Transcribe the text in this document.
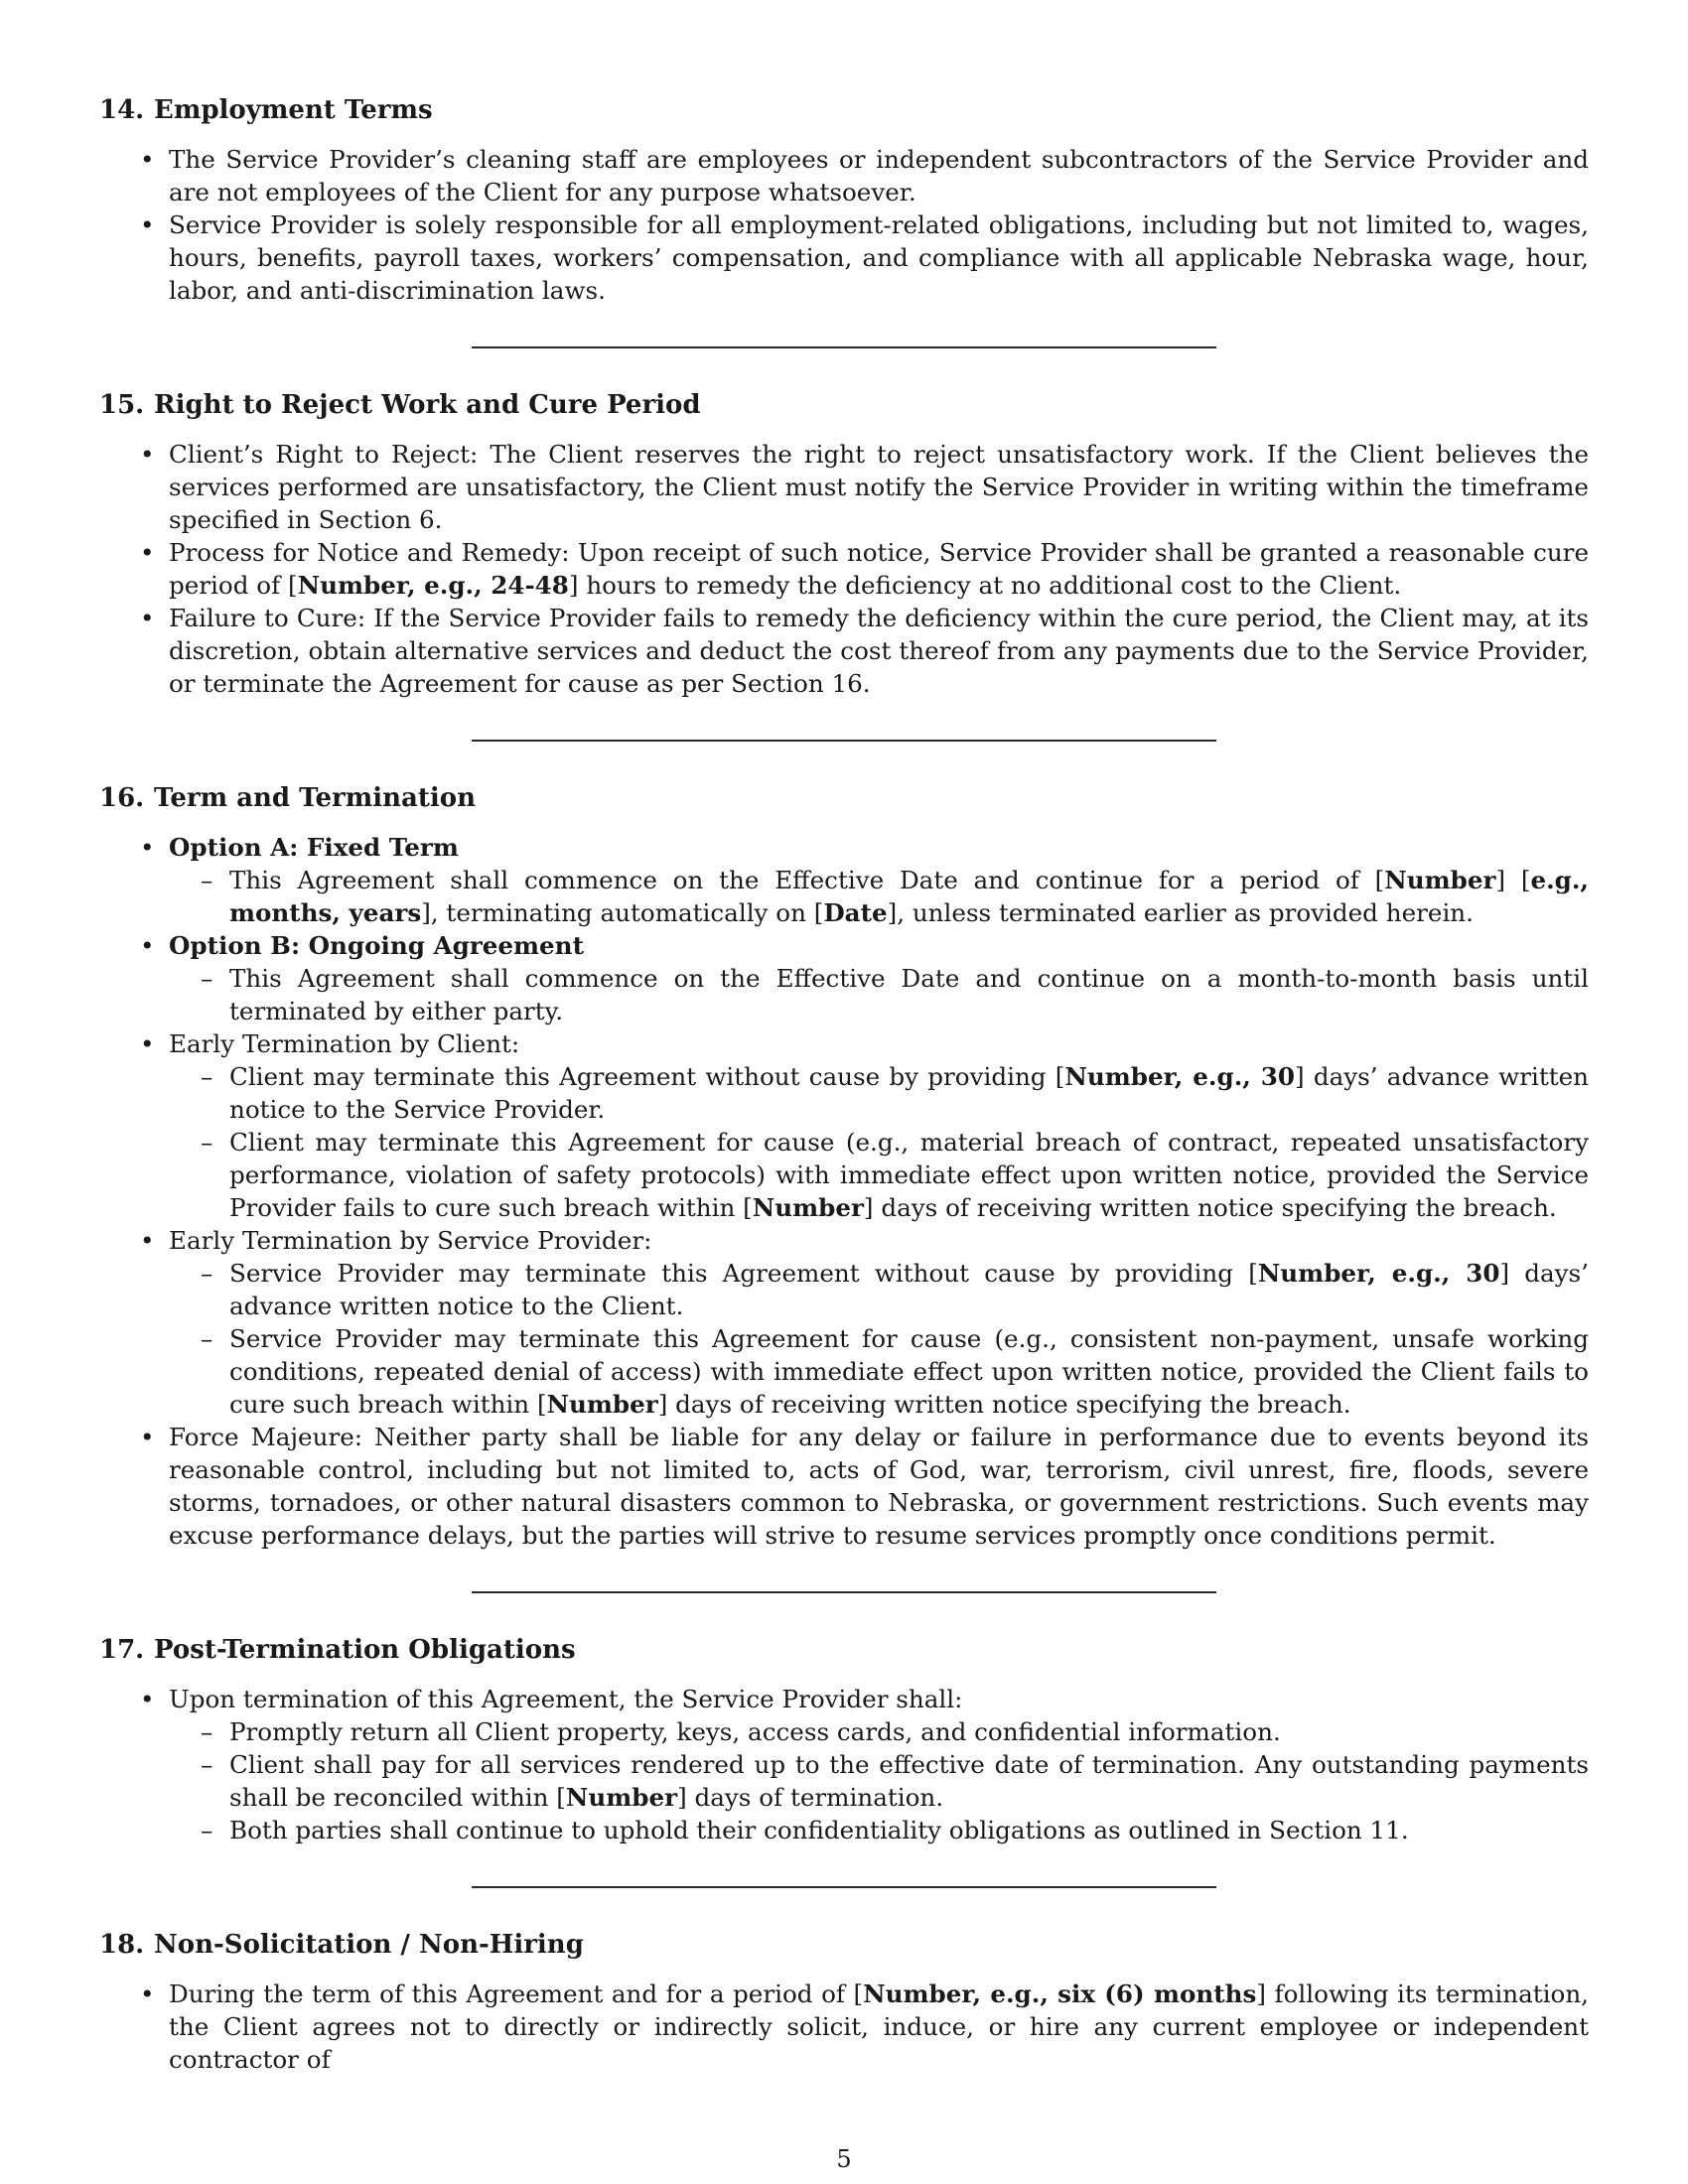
14. Employment Terms
• The Service Provider’s cleaning staff are employees or independent subcontractors of the Service Provider and are not employees of the Client for any purpose whatsoever.
• Service Provider is solely responsible for all employment-related obligations, including but not limited to, wages, hours, benefits, payroll taxes, workers’ compensation, and compliance with all applicable Nebraska wage, hour, labor, and anti-discrimination laws.
15. Right to Reject Work and Cure Period
• Client’s Right to Reject: The Client reserves the right to reject unsatisfactory work. If the Client believes the services performed are unsatisfactory, the Client must notify the Service Provider in writing within the timeframe specified in Section 6.
• Process for Notice and Remedy: Upon receipt of such notice, Service Provider shall be granted a reasonable cure period of [Number, e.g., 24-48] hours to remedy the deficiency at no additional cost to the Client.
• Failure to Cure: If the Service Provider fails to remedy the deficiency within the cure period, the Client may, at its discretion, obtain alternative services and deduct the cost thereof from any payments due to the Service Provider, or terminate the Agreement for cause as per Section 16.
16. Term and Termination
• Option A: Fixed Term
– This Agreement shall commence on the Effective Date and continue for a period of [Number] [e.g., months, years], terminating automatically on [Date], unless terminated earlier as provided herein.
• Option B: Ongoing Agreement
– This Agreement shall commence on the Effective Date and continue on a month-to-month basis until terminated by either party.
• Early Termination by Client:
– Client may terminate this Agreement without cause by providing [Number, e.g., 30] days’ advance written notice to the Service Provider.
– Client may terminate this Agreement for cause (e.g., material breach of contract, repeated unsatisfactory performance, violation of safety protocols) with immediate effect upon written notice, provided the Service Provider fails to cure such breach within [Number] days of receiving written notice specifying the breach.
• Early Termination by Service Provider:
– Service Provider may terminate this Agreement without cause by providing [Number, e.g., 30] days’ advance written notice to the Client.
– Service Provider may terminate this Agreement for cause (e.g., consistent non-payment, unsafe working conditions, repeated denial of access) with immediate effect upon written notice, provided the Client fails to cure such breach within [Number] days of receiving written notice specifying the breach.
• Force Majeure: Neither party shall be liable for any delay or failure in performance due to events beyond its reasonable control, including but not limited to, acts of God, war, terrorism, civil unrest, fire, floods, severe storms, tornadoes, or other natural disasters common to Nebraska, or government restrictions. Such events may excuse performance delays, but the parties will strive to resume services promptly once conditions permit.
17. Post-Termination Obligations
• Upon termination of this Agreement, the Service Provider shall:
– Promptly return all Client property, keys, access cards, and confidential information.
– Client shall pay for all services rendered up to the effective date of termination. Any outstanding payments shall be reconciled within [Number] days of termination.
– Both parties shall continue to uphold their confidentiality obligations as outlined in Section 11.
18. Non-Solicitation / Non-Hiring
• During the term of this Agreement and for a period of [Number, e.g., six (6) months] following its termination, the Client agrees not to directly or indirectly solicit, induce, or hire any current employee or independent contractor of
5
